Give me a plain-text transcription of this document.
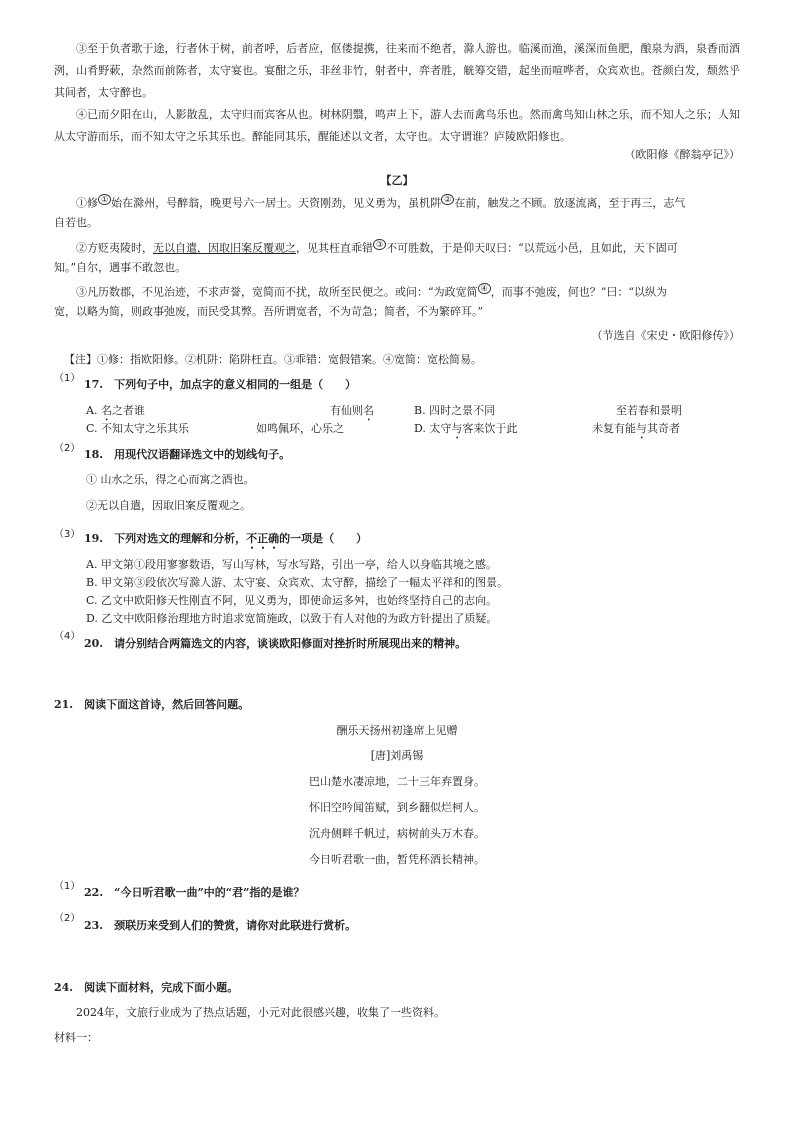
③至于负者歌于途，行者休于树，前者呼，后者应，伛偻提携，往来而不绝者，滁人游也。临溪而渔，溪深而鱼肥，酿泉为酒，泉香而酒洌，山肴野蔌，杂然而前陈者，太守宴也。宴酣之乐，非丝非竹，射者中，弈者胜，觥筹交错，起坐而喧哗者，众宾欢也。苍颜白发，颓然乎其间者，太守醉也。
④已而夕阳在山，人影散乱，太守归而宾客从也。树林阴翳，鸣声上下，游人去而禽鸟乐也。然而禽鸟知山林之乐，而不知人之乐；人知从太守游而乐，而不知太守之乐其乐也。醉能同其乐，醒能述以文者，太守也。太守谓谁？庐陵欧阳修也。
（欧阳修《醉翁亭记》）
【乙】
①修 ① 始在滁州，号醉翁，晚更号六一居士。天资刚劲，见义勇为，虽机阱 ② 在前，触发之不顾。放逐流离，至于再三，志气
自若也。
②方贬夷陵时，无以自遣，因取旧案反覆观之，见其枉直乖错 ③ 不可胜数，于是仰天叹曰：“以荒远小邑，且如此，天下固可
知。”自尔，遇事不敢忽也。
③凡历数郡，不见治迹，不求声誉，宽简而不扰，故所至民便之。或问：“为政宽简 ④ ，而事不弛废，何也？”曰：“以纵为
宽，以略为简，则政事弛废，而民受其弊。吾所谓宽者，不为苛急；简者，不为繁碎耳。”
（节选自《宋史・欧阳修传》）
【注】①修：指欧阳修。②机阱：陷阱枉直。③乖错：宽假错案。④宽简：宽松简易。
（1） 17.　下列句子中，加点字的意义相同的一组是（　　）
A. 名之者谁	有仙则名	B. 四时之景不同	至若春和景明
C. 不知太守之乐其乐	如鸣佩环，心乐之	D. 太守与客来饮于此	未复有能与其奇者
（2） 18.　用现代汉语翻译选文中的划线句子。
① 山水之乐，得之心而寓之酒也。
②无以自遣，因取旧案反覆观之。
（3） 19.　下列对选文的理解和分析，不正确的一项是（　　）
A. 甲文第①段用寥寥数语，写山写林，写水写路，引出一亭，给人以身临其境之感。
B. 甲文第③段依次写滁人游、太守宴、众宾欢、太守醉，描绘了一幅太平祥和的图景。
C. 乙文中欧阳修天性刚直不阿，见义勇为，即使命运多舛，也始终坚持自己的志向。
D. 乙文中欧阳修治理地方时追求宽简施政，以致于有人对他的为政方针提出了质疑。
（4）
20.　请分别结合两篇选文的内容，谈谈欧阳修面对挫折时所展现出来的精神。
21.　阅读下面这首诗，然后回答问题。
酬乐天扬州初逢席上见赠
[唐]刘禹锡
巴山楚水凄凉地，二十三年弃置身。
怀旧空吟闻笛赋，到乡翻似烂柯人。
沉舟侧畔千帆过，病树前头万木春。
今日听君歌一曲，暂凭杯酒长精神。
（1） 22.　“今日听君歌一曲”中的“君”指的是谁？
（2）
23.　颈联历来受到人们的赞赏，请你对此联进行赏析。
24.　阅读下面材料，完成下面小题。
2024年，文旅行业成为了热点话题，小元对此很感兴趣，收集了一些资料。
材料一：
